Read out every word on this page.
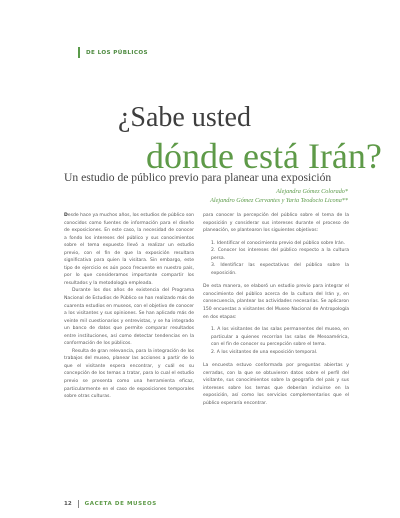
DE LOS PÚBLICOS
¿Sabe usted
dónde está Irán?
Un estudio de público previo para planear una exposición
Alejandra Gómez Colorado*
Alejandro Gómez Cervantes y Yaria Teodocio Licona**

Desde hace ya muchos años, los estudios de público son conocidos como fuentes de información para el diseño de exposiciones. En este caso, la necesidad de conocer a fondo los intereses del público y sus conocimientos sobre el tema expuesto llevó a realizar un estudio previo, con el fin de que la exposición resultara significativa para quien la visitara. Sin embargo, este tipo de ejercicio es aún poco frecuente en nuestro país, por lo que consideramos importante compartir los resultados y la metodología empleada.

Durante los dos años de existencia del Programa Nacional de Estudios de Público se han realizado más de cuarenta estudios en museos, con el objetivo de conocer a los visitantes y sus opiniones. Se han aplicado más de veinte mil cuestionarios y entrevistas, y se ha integrado un banco de datos que permite comparar resultados entre instituciones, así como detectar tendencias en la conformación de los públicos.

Resulta de gran relevancia, para la integración de los trabajos del museo, planear las acciones a partir de lo que el visitante espera encontrar, y cuál es su concepción de los temas a tratar, para lo cual el estudio previo se presenta como una herramienta eficaz, particularmente en el caso de exposiciones temporales sobre otras culturas.

para conocer la percepción del público sobre el tema de la exposición y considerar sus intereses durante el proceso de planeación, se plantearon los siguientes objetivos:

1. Identificar el conocimiento previo del público sobre Irán.
2. Conocer los intereses del público respecto a la cultura persa.
3. Identificar las expectativas del público sobre la exposición.

De esta manera, se elaboró un estudio previo para integrar el conocimiento del público acerca de la cultura del Irán y, en consecuencia, plantear las actividades necesarias. Se aplicaron 150 encuestas a visitantes del Museo Nacional de Antropología en dos etapas:

1. A los visitantes de las salas permanentes del museo, en particular a quienes recorrían las salas de Mesoamérica, con el fin de conocer su percepción sobre el tema.
2. A los visitantes de una exposición temporal.

La encuesta estuvo conformada por preguntas abiertas y cerradas, con la que se obtuvieron datos sobre el perfil del visitante, sus conocimientos sobre la geografía del país y sus intereses sobre los temas que deberían incluirse en la exposición, así como los servicios complementarios que el público esperaría encontrar.

12 GACETA DE MUSEOS
